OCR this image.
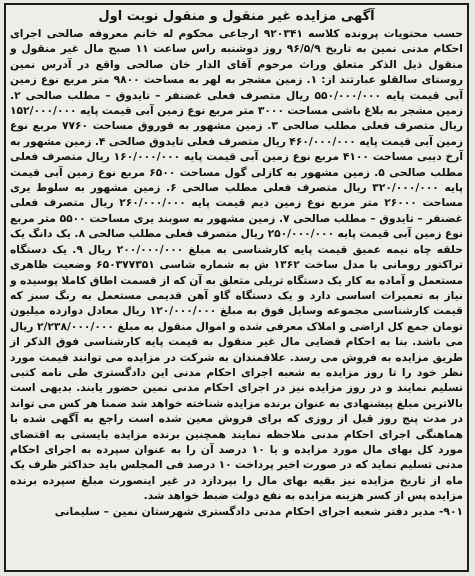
آگهی مزایده غیر منقول و منقول نوبت اول

حسب محتویات پرونده کلاسه ۹۲۰۳۴۱ ارجاعی محکوم له خانم معروفه صالحی اجرای احکام مدنی نمین به تاریخ ۹۶/۵/۹ روز دوشنبه راس ساعت ۱۱ صبح مال غیر منقول و منقول ذیل الذکر متعلق وراث مرحوم آقای الدار خان صالحی واقع در آدرس نمین روستای سالقلو عبارتند از: ۱. زمین مشجر به لهر به مساحت ۹۸۰۰ متر مربع نوع زمین آبی قیمت پایه ۵۵۰/۰۰۰/۰۰۰ ریال متصرف فعلی غضنفر – تایدوق – مطلب صالحی ۲. زمین مشجر به بلاغ باشی مساحت ۳۰۰۰ متر مربع نوع زمین آبی قیمت پایه ۱۵۲/۰۰۰/۰۰۰ ریال متصرف فعلی مطلب صالحی ۳. زمین مشهور به قوروق مساحت ۷۷۶۰ مربع نوع زمین آبی قیمت پایه ۴۶۰/۰۰۰/۰۰۰ ریال متصرف فعلی تایدوق صالحی ۴. زمین مشهور به آرخ دیبی مساحت ۴۱۰۰ مربع نوع زمین آبی قیمت پایه ۱۶۰/۰۰۰/۰۰۰ ریال متصرف فعلی مطلب صالحی ۵. زمین مشهور به کازلی گول مساحت ۶۵۰۰ مربع نوع زمین آبی قیمت پایه ۳۲۰/۰۰۰/۰۰۰ ریال متصرف فعلی مطلب صالحی ۶. زمین مشهور به سلوط یری مساحت ۲۶۰۰۰ متر مربع نوع زمین دیم قیمت پایه ۲۶۰/۰۰۰/۰۰۰ ریال متصرف فعلی غضنفر – تایدوق – مطلب صالحی ۷. زمین مشهور به سوبند یری مساحت ۵۵۰۰ متر مربع نوع زمین آبی قیمت پایه ۲۵۰/۰۰۰/۰۰۰ ریال متصرف فعلی مطلب صالحی ۸. یک دانگ یک حلقه چاه نیمه عمیق قیمت پایه کارشناسی به مبلغ ۲۰۰/۰۰۰/۰۰۰ ریال ۹. یک دستگاه تراکتور رومانی با مدل ساخت ۱۳۶۲ ش به شماره شاسی ۶۵۰۳۷۷۳۵۱ وضعیت ظاهری مستعمل و آماده به کار یک دستگاه تریلی متعلق به آن که از قسمت اطاق کاملا پوسیده و نیاز به تعمیرات اساسی دارد و یک دستگاه گاو آهن قدیمی مستعمل به رنگ سبز که قیمت کارشناسی مجموعه وسایل فوق به مبلغ ۱۲۰/۰۰۰/۰۰۰ ریال معادل دوازده میلیون تومان جمع کل اراضی و املاک معرفی شده و اموال منقول به مبلغ ۲/۲۳۸/۰۰۰/۰۰۰ ریال می باشد. بنا به احکام قضایی مال غیر منقول به قیمت پایه کارشناسی فوق الذکر از طریق مزایده به فروش می رسد. علاقمندان به شرکت در مزایده می توانند قیمت مورد نظر خود را تا روز مزایده به شعبه اجرای احکام مدنی این دادگستری طی نامه کتبی تسلیم نمایند و در روز مزایده نیز در اجرای احکام مدنی نمین حضور یابند. بدیهی است بالاترین مبلغ پیشنهادی به عنوان برنده مزایده شناخته خواهد شد ضمنا هر کس می تواند در مدت پنج روز قبل از روزی که برای فروش معین شده است راجع به آگهی شده با هماهنگی اجرای احکام مدنی ملاحظه نمایند همچنین برنده مزایده بایستی به اقتضای مورد کل بهای مال مورد مزایده و یا ۱۰ درصد آن را به عنوان سپرده به اجرای احکام مدنی تسلیم نماید که در صورت اخیر پرداخت ۱۰ درصد فی المجلس باید حداکثر ظرف یک ماه از تاریخ مزایده نیز بقیه بهای مال را بپردازد در غیر اینصورت مبلغ سپرده برنده مزایده پس از کسر هزینه مزایده به نفع دولت ضبط خواهد شد.

۹۰۱- مدیر دفتر شعبه اجرای احکام مدنی دادگستری شهرستان نمین – سلیمانی
